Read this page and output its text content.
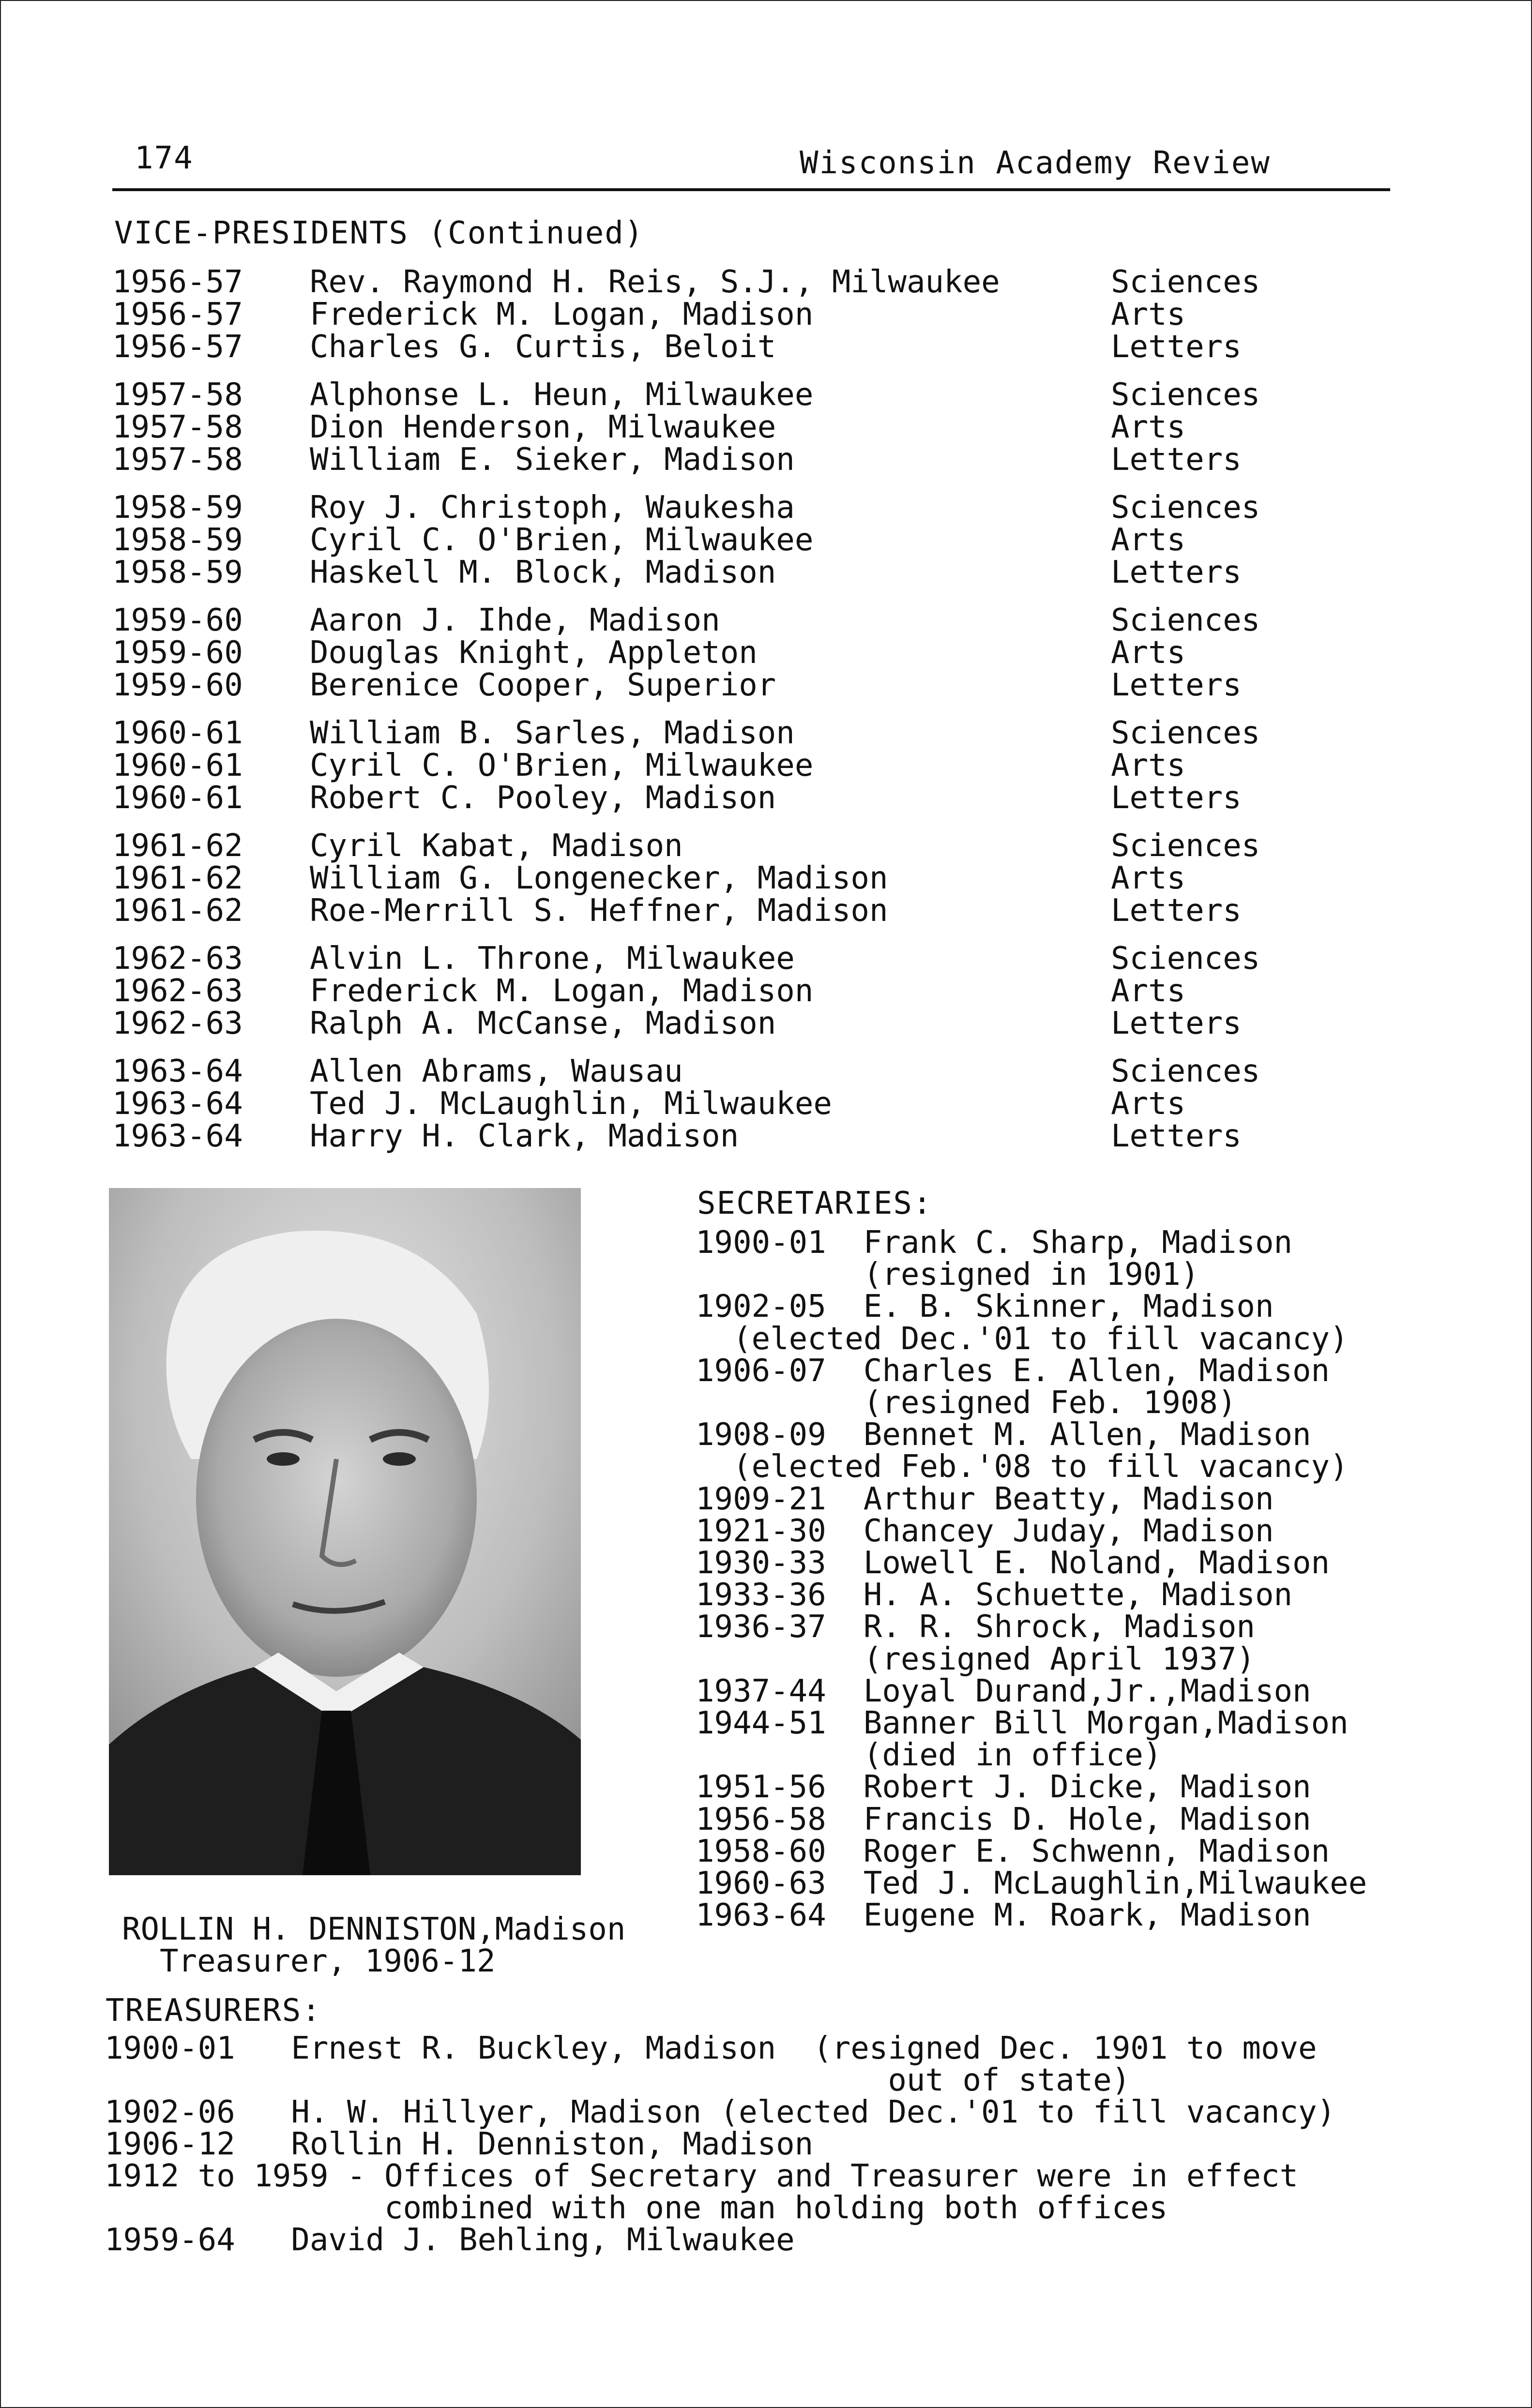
174	Wisconsin Academy Review
VICE-PRESIDENTS (Continued)
1956-57 Rev. Raymond H. Reis, S.J., Milwaukee	Sciences
1956-57 Frederick M. Logan, Madison	Arts
1956-57 Charles G. Curtis, Beloit	Letters
1957-58 Alphonse L. Heun, Milwaukee	Sciences
1957-58 Dion Henderson, Milwaukee	Arts
1957-58 William E. Sieker, Madison	Letters
1958-59 Roy J. Christoph, Waukesha	Sciences
1958-59 Cyril C. O'Brien, Milwaukee	Arts
1958-59 Haskell M. Block, Madison	Letters
1959-60 Aaron J. Ihde, Madison	Sciences
1959-60 Douglas Knight, Appleton	Arts
1959-60 Berenice Cooper, Superior	Letters
1960-61 William B. Sarles, Madison	Sciences
1960-61 Cyril C. O'Brien, Milwaukee	Arts
1960-61 Robert C. Pooley, Madison	Letters
1961-62 Cyril Kabat, Madison	Sciences
1961-62 William G. Longenecker, Madison	Arts
1961-62 Roe-Merrill S. Heffner, Madison	Letters
1962-63 Alvin L. Throne, Milwaukee	Sciences
1962-63 Frederick M. Logan, Madison	Arts
1962-63 Ralph A. McCanse, Madison	Letters
1963-64 Allen Abrams, Wausau	Sciences
1963-64 Ted J. McLaughlin, Milwaukee	Arts
1963-64 Harry H. Clark, Madison	Letters
ROLLIN H. DENNISTON,Madison
Treasurer, 1906-12
SECRETARIES:
1900-01  Frank C. Sharp, Madison
(resigned in 1901)
1902-05  E. B. Skinner, Madison
(elected Dec.'01 to fill vacancy)
1906-07  Charles E. Allen, Madison
(resigned Feb. 1908)
1908-09  Bennet M. Allen, Madison
(elected Feb.'08 to fill vacancy)
1909-21  Arthur Beatty, Madison
1921-30  Chancey Juday, Madison
1930-33  Lowell E. Noland, Madison
1933-36  H. A. Schuette, Madison
1936-37  R. R. Shrock, Madison
(resigned April 1937)
1937-44  Loyal Durand,Jr.,Madison
1944-51  Banner Bill Morgan,Madison
(died in office)
1951-56  Robert J. Dicke, Madison
1956-58  Francis D. Hole, Madison
1958-60  Roger E. Schwenn, Madison
1960-63  Ted J. McLaughlin,Milwaukee
1963-64  Eugene M. Roark, Madison
TREASURERS:
1900-01   Ernest R. Buckley, Madison  (resigned Dec. 1901 to move
out of state)
1902-06   H. W. Hillyer, Madison (elected Dec.'01 to fill vacancy)
1906-12   Rollin H. Denniston, Madison
1912 to 1959 - Offices of Secretary and Treasurer were in effect
combined with one man holding both offices
1959-64   David J. Behling, Milwaukee
